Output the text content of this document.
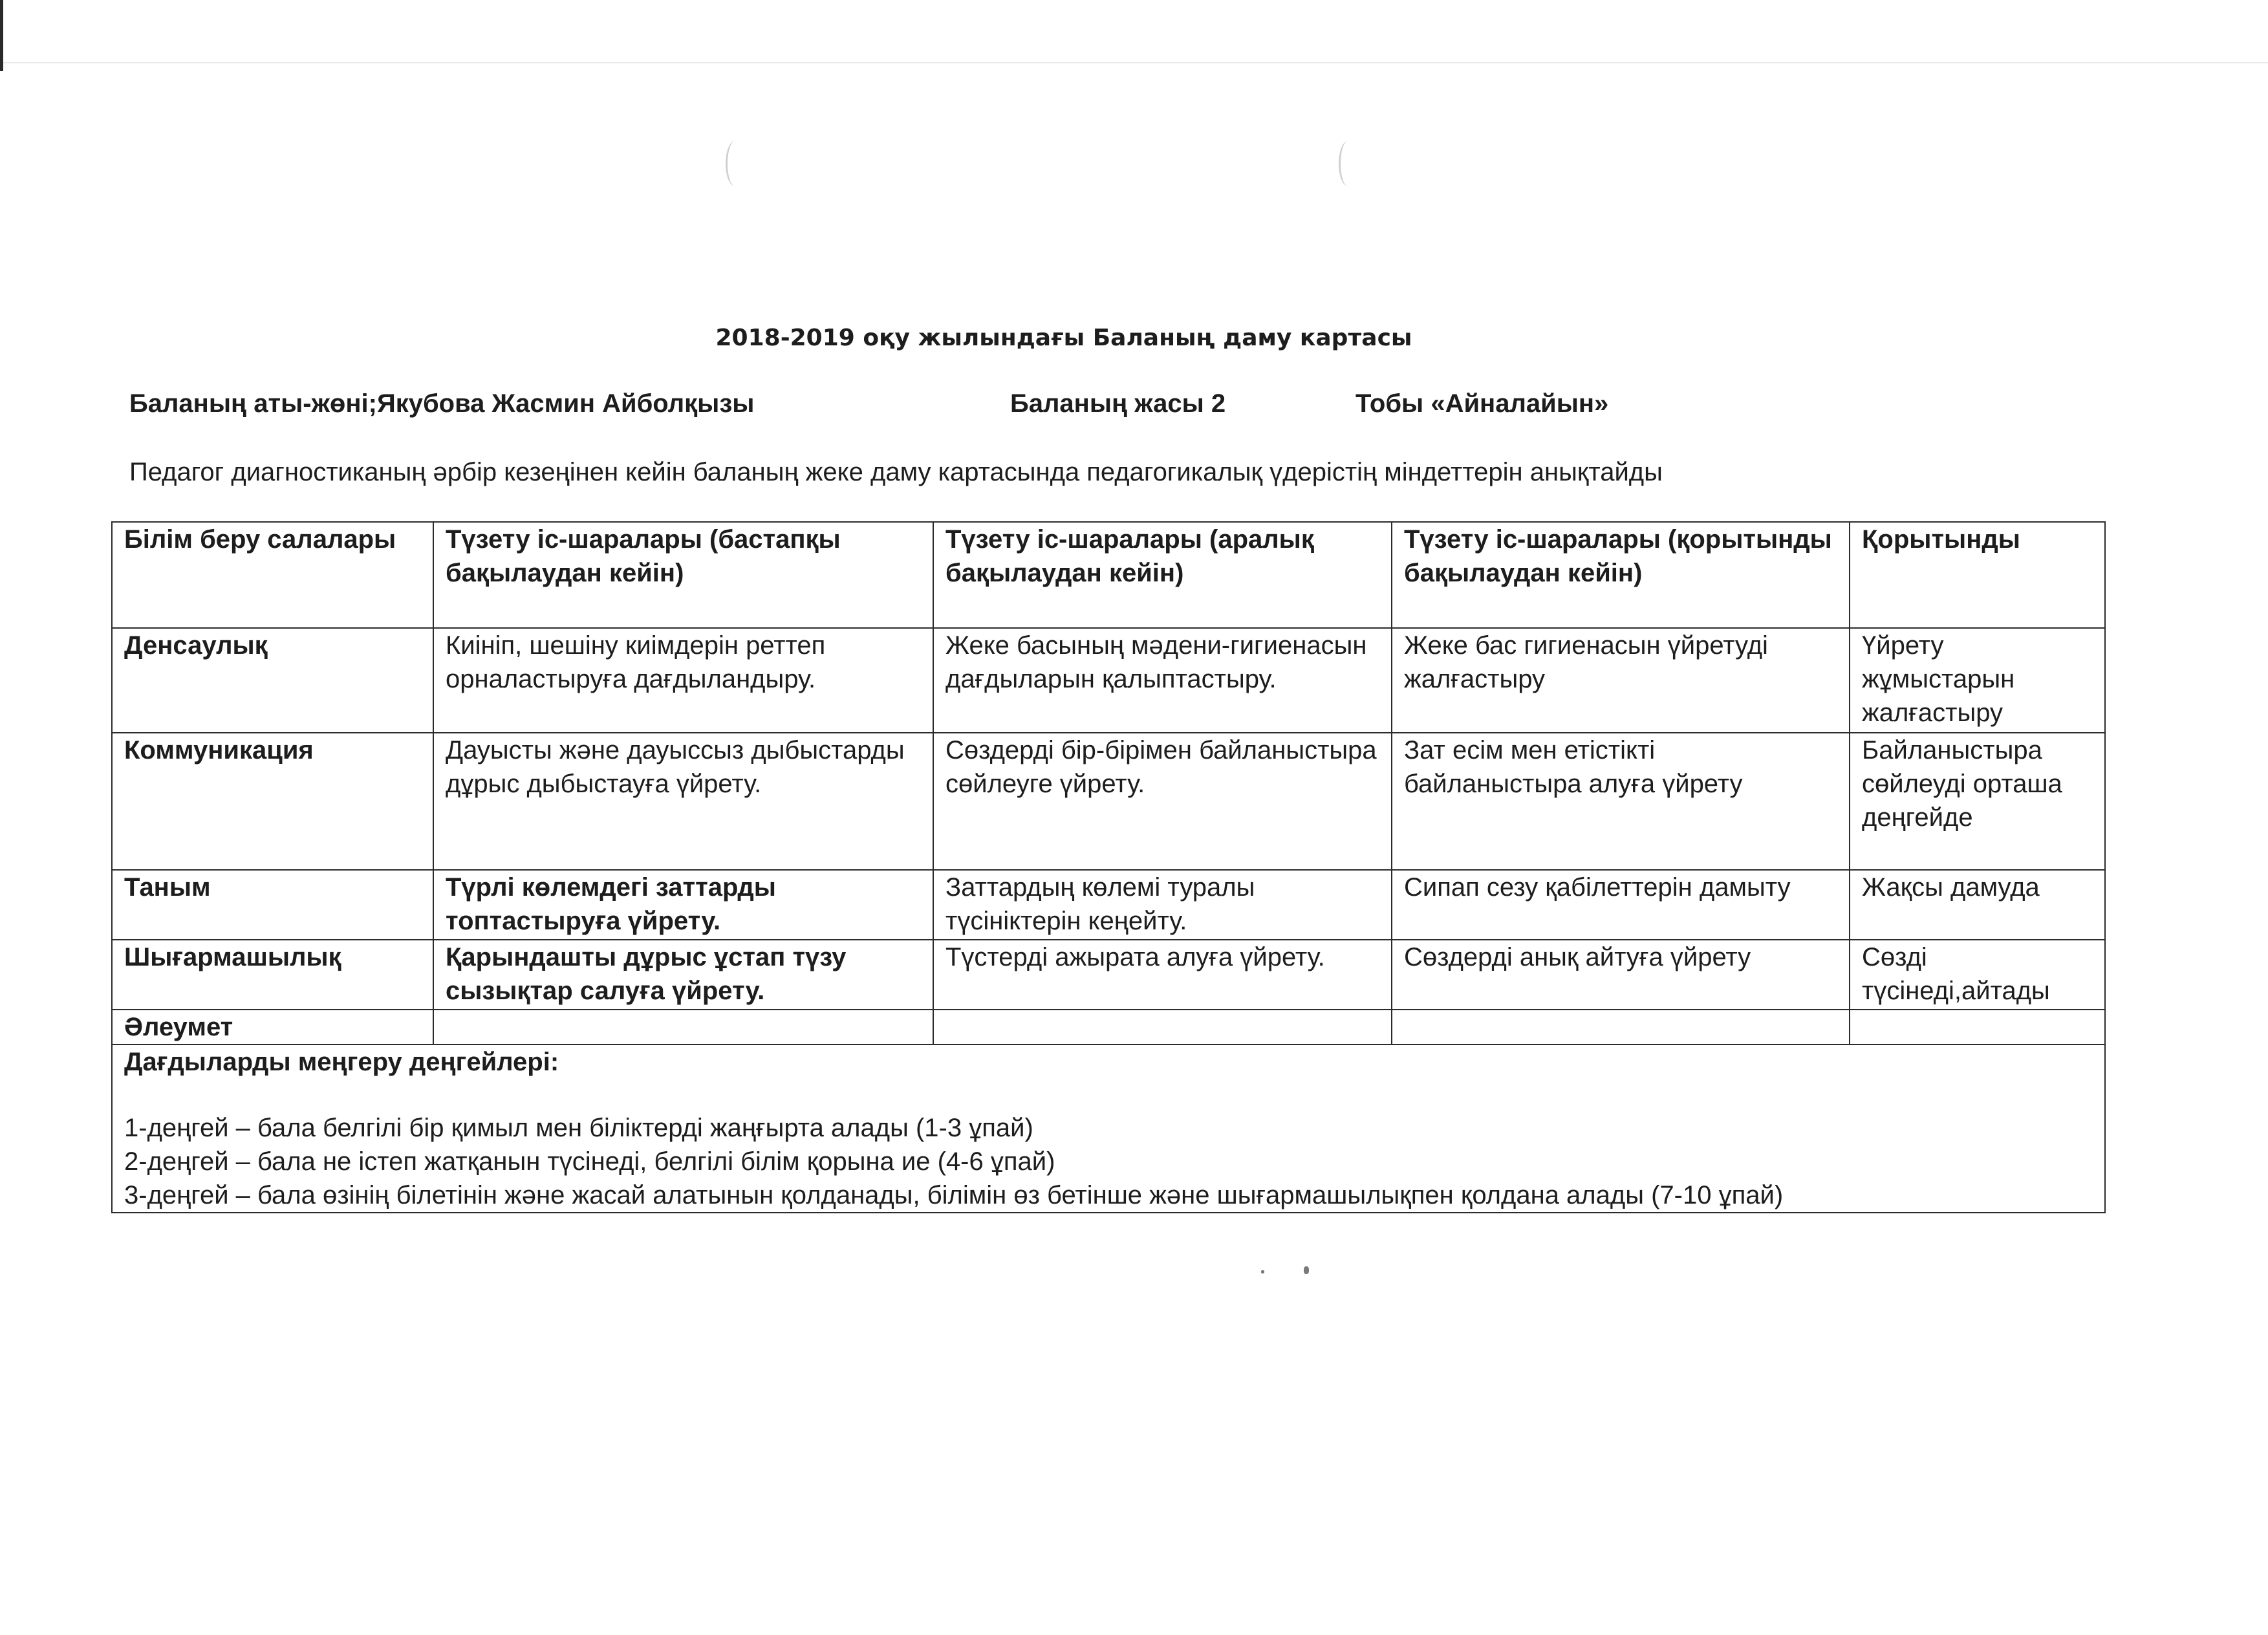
2018-2019 оқу жылындағы Баланың даму картасы
Баланың аты-жөні;Якубова Жасмин Айболқызы	Баланың жасы 2	Тобы «Айналайын»
Педагог диагностиканың әрбір кезеңінен кейін баланың жеке даму картасында педагогикалық үдерістің міндеттерін анықтайды
Білім беру салалары	Түзету іс-шаралары (бастапқы бақылаудан кейін)	Түзету іс-шаралары (аралық бақылаудан кейін)	Түзету іс-шаралары (қорытынды бақылаудан кейін)	Қорытынды
Денсаулық	Киініп, шешіну киімдерін реттеп орналастыруға дағдыландыру.	Жеке басының мәдени-гигиенасын дағдыларын қалыптастыру.	Жеке бас гигиенасын үйретуді жалғастыру	Үйрету жұмыстарын жалғастыру
Коммуникация	Дауысты және дауыссыз дыбыстарды дұрыс дыбыстауға үйрету.	Сөздерді бір-бірімен байланыстыра сөйлеуге үйрету.	Зат есім мен етістікті байланыстыра алуға үйрету	Байланыстыра сөйлеуді орташа деңгейде
Таным	Түрлі көлемдегі заттарды топтастыруға үйрету.	Заттардың көлемі туралы түсініктерін кеңейту.	Сипап сезу қабілеттерін дамыту	Жақсы дамуда
Шығармашылық	Қарындашты дұрыс ұстап түзу сызықтар салуға үйрету.	Түстерді ажырата алуға үйрету.	Сөздерді анық айтуға үйрету	Сөзді түсінеді,айтады
Әлеумет				

Дағдыларды меңгеру деңгейлері:
1-деңгей – бала белгілі бір қимыл мен біліктерді жаңғырта алады (1-3 ұпай)
2-деңгей – бала не істеп жатқанын түсінеді, белгілі білім қорына ие (4-6 ұпай)
3-деңгей – бала өзінің білетінін және жасай алатынын қолданады, білімін өз бетінше және шығармашылықпен қолдана алады (7-10 ұпай)				
